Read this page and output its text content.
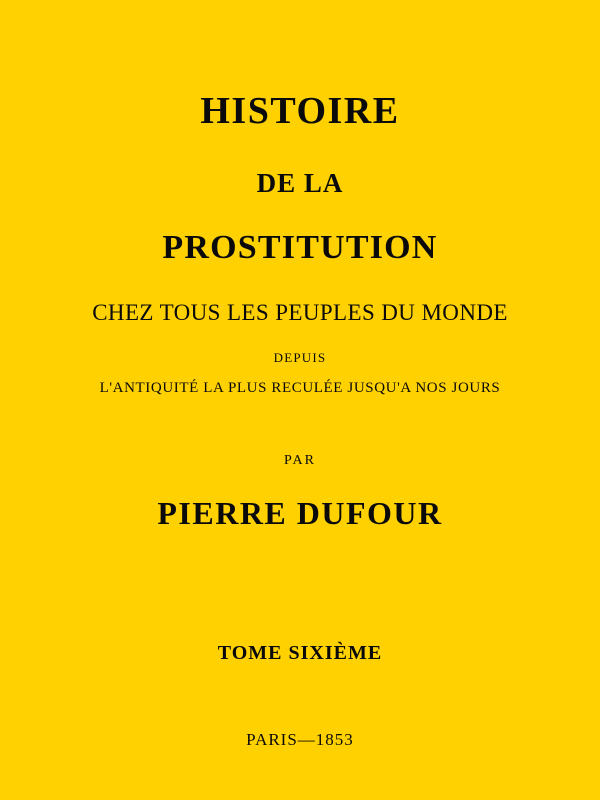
HISTOIRE
DE LA
PROSTITUTION
CHEZ TOUS LES PEUPLES DU MONDE
DEPUIS
L'ANTIQUITÉ LA PLUS RECULÉE JUSQU'A NOS JOURS
PAR
PIERRE DUFOUR
TOME SIXIÈME
PARIS—1853
